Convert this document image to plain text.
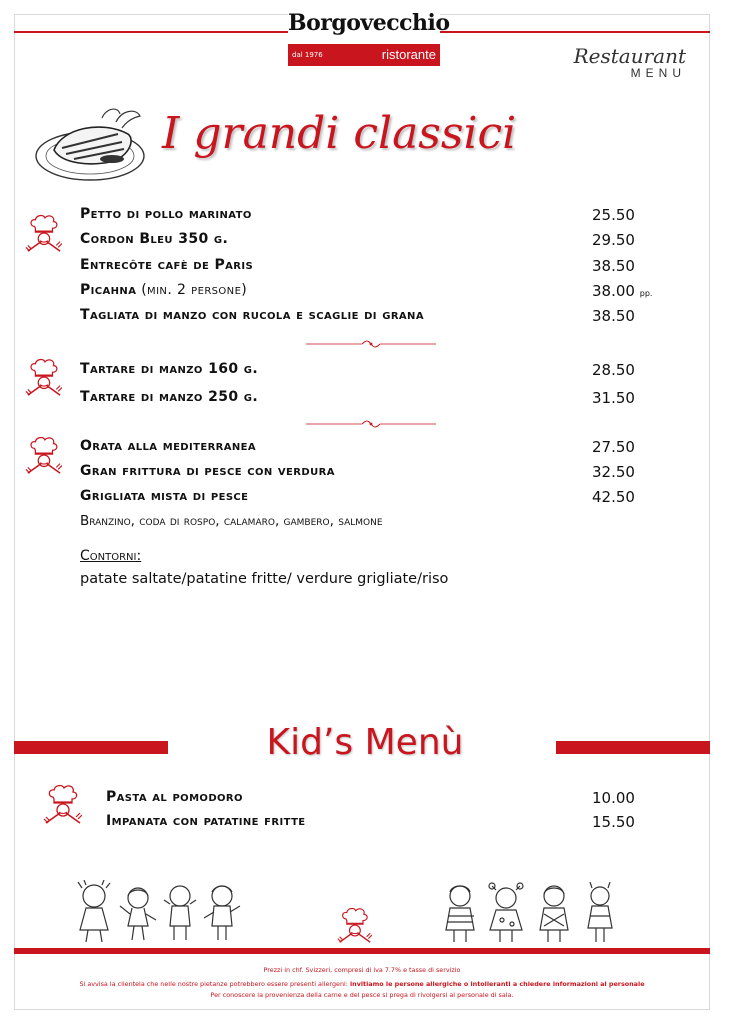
Borgovecchio
dal 1976	ristorante	Restaurant
MENU
I grandi classici
Petto di pollo marinato	25.50
Cordon Bleu 350 g.	29.50
Entrecôte cafè de Paris	38.50
Picahna (min. 2 persone)	38.00 pp.
Tagliata di manzo con rucola e scaglie di grana	38.50
Tartare di manzo 160 g.	28.50
Tartare di manzo 250 g.	31.50
Orata alla mediterranea	27.50
Gran frittura di pesce con verdura	32.50
Grigliata mista di pesce	42.50
Branzino, coda di rospo, calamaro, gambero, salmone
Contorni:
patate saltate/patatine fritte/ verdure grigliate/riso
Kid’s Menù
Pasta al pomodoro	10.00
Impanata con patatine fritte	15.50
Prezzi in chf. Svizzeri, compresi di iva 7.7% e tasse di servizio
Si avvisa la clientela che nelle nostre pietanze potrebbero essere presenti allergeni: invitiamo le persone allergiche o intolleranti a chiedere informazioni al personale
Per conoscere la provenienza della carne e del pesce si prega di rivolgersi al personale di sala.
